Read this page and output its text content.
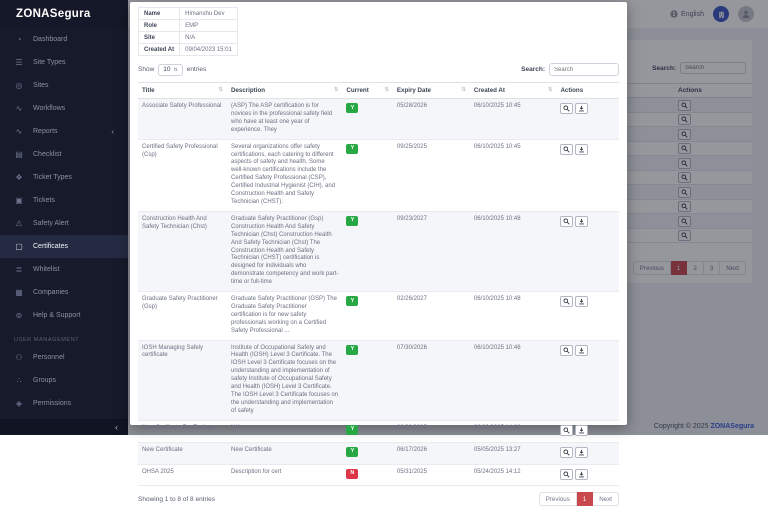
English
Search:
Search
Actions
Previous	1	2	3	Next
Copyright © 2025 ZONASegura
ZONASegura
◔	Dashboard
☰ Site Types
◎ Sites
∿ Workflows
∿ Reports	‹
▤ Checklist
❖ Ticket Types
▣ Tickets
⚠ Safety Alert
▢ Certificates
≣ Whitelist
▦ Companies
⊚ Help & Support
USER MANAGEMENT
⚇ Personnel
∴	Groups
◈ Permissions
‹
Name	Himanshu Dev
Role	EMP
Site	N/A
Created At	09/04/2023 15:01
Show 10 ⇅ entries	Search:
Search
Title ⇅	Description ⇅	Current ⇅	Expiry Date ⇅	Created At ⇅	Actions
Associate Safety Professional	(ASP) The ASP certification is for novices in the professional safety field who have at least one year of experience. They	Y	05/28/2026	06/10/2025 10:45	

Certified Safety Professional (Csp)	Several organizations offer safety certifications, each catering to different aspects of safety and health. Some well-known certifications include the Certified Safety Professional (CSP), Certified Industrial Hygienist (CIH), and Construction Health and Safety Technician (CHST).	Y	09/25/2025	06/10/2025 10:45	

Construction Health And Safety Technician (Chst)	Graduate Safety Practitioner (Gsp) Construction Health And Safety Technician (Chst) Construction Health And Safety Technician (Chst) The Construction Health and Safety Technician (CHST) certification is designed for individuals who demonstrate competency and work part-time or full-time	Y	09/23/2027	06/10/2025 10:48	

Graduate Safety Practitioner (Gsp)	Graduate Safety Practitioner (GSP) The Graduate Safety Practitioner certification is for new safety professionals working on a Certified Safety Professional ...	Y	02/26/2027	06/10/2025 10:48	

IOSH Managing Safely certificate	Institute of Occupational Safety and Health (IOSH) Level 3 Certificate. The IOSH Level 3 Certificate focuses on the understanding and implementation of safety Institute of Occupational Safety and Health (IOSH) Level 3 Certificate. The IOSH Level 3 Certificate focuses on the understanding and implementation of safety	Y	07/30/2026	06/10/2025 10:46	

New Cerificate For Testing	N/A	Y	06/20/2025	06/02/2025 14:28	

New Certificate	New Certificate	Y	06/17/2026	05/05/2025 13:27	

OHSA 2025	Description for cert	N	05/31/2025	05/24/2025 14:12	
Showing 1 to 8 of 8 entries	Previous	1	Next
